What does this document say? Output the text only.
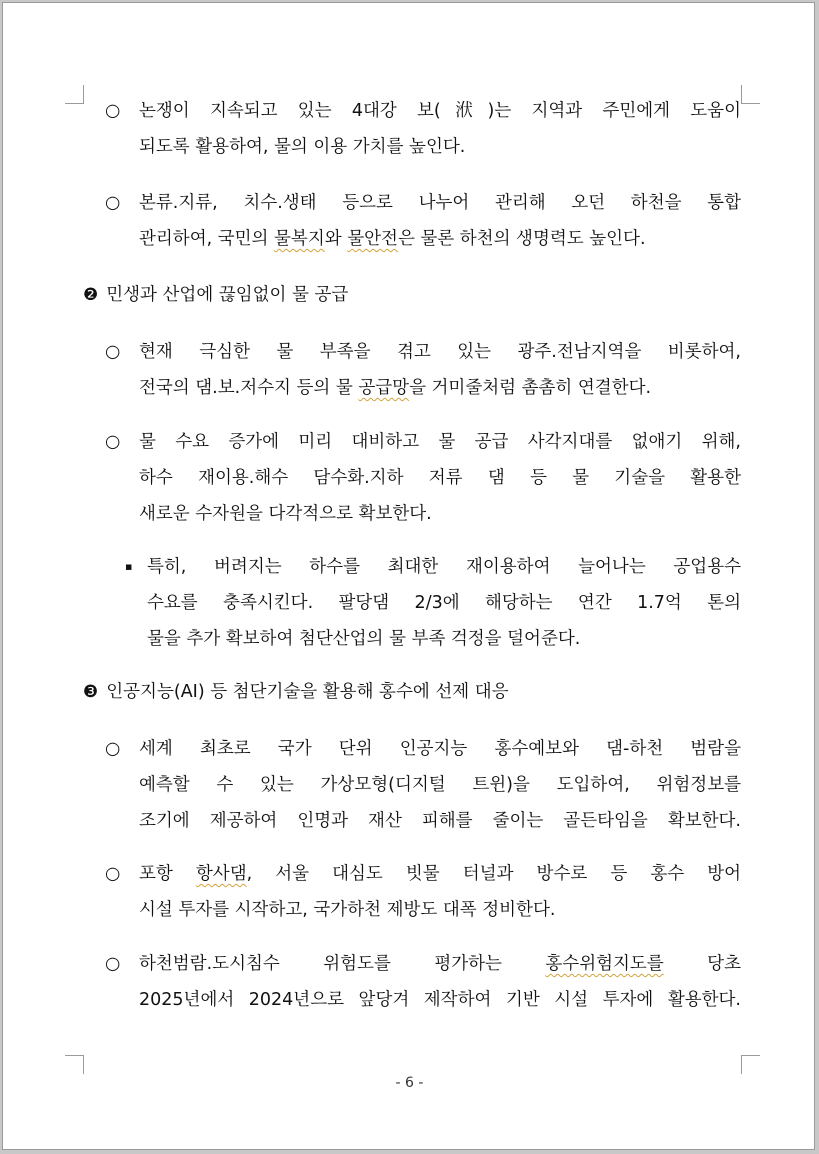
○ 논쟁이 지속되고 있는 4대강 보(洑)는 지역과 주민에게 도움이
되도록 활용하여, 물의 이용 가치를 높인다.
○ 본류.지류, 치수.생태 등으로 나누어 관리해 오던 하천을 통합
관리하여, 국민의 물복지와 물안전은 물론 하천의 생명력도 높인다.
❷ 민생과 산업에 끊임없이 물 공급
○ 현재 극심한 물 부족을 겪고 있는 광주.전남지역을 비롯하여,
전국의 댐.보.저수지 등의 물 공급망을 거미줄처럼 촘촘히 연결한다.
○ 물 수요 증가에 미리 대비하고 물 공급 사각지대를 없애기 위해,
하수 재이용.해수 담수화.지하 저류 댐 등 물 기술을 활용한
새로운 수자원을 다각적으로 확보한다.
▪ 특히, 버려지는 하수를 최대한 재이용하여 늘어나는 공업용수
수요를 충족시킨다. 팔당댐 2/3에 해당하는 연간 1.7억 톤의
물을 추가 확보하여 첨단산업의 물 부족 걱정을 덜어준다.
❸ 인공지능(AI) 등 첨단기술을 활용해 홍수에 선제 대응
○ 세계 최초로 국가 단위 인공지능 홍수예보와 댐-하천 범람을
예측할 수 있는 가상모형(디지털 트윈)을 도입하여, 위험정보를
조기에 제공하여 인명과 재산 피해를 줄이는 골든타임을 확보한다.
○ 포항 항사댐, 서울 대심도 빗물 터널과 방수로 등 홍수 방어
시설 투자를 시작하고, 국가하천 제방도 대폭 정비한다.
○ 하천범람.도시침수 위험도를 평가하는 홍수위험지도를 당초
2025년에서 2024년으로 앞당겨 제작하여 기반 시설 투자에 활용한다.
- 6 -
